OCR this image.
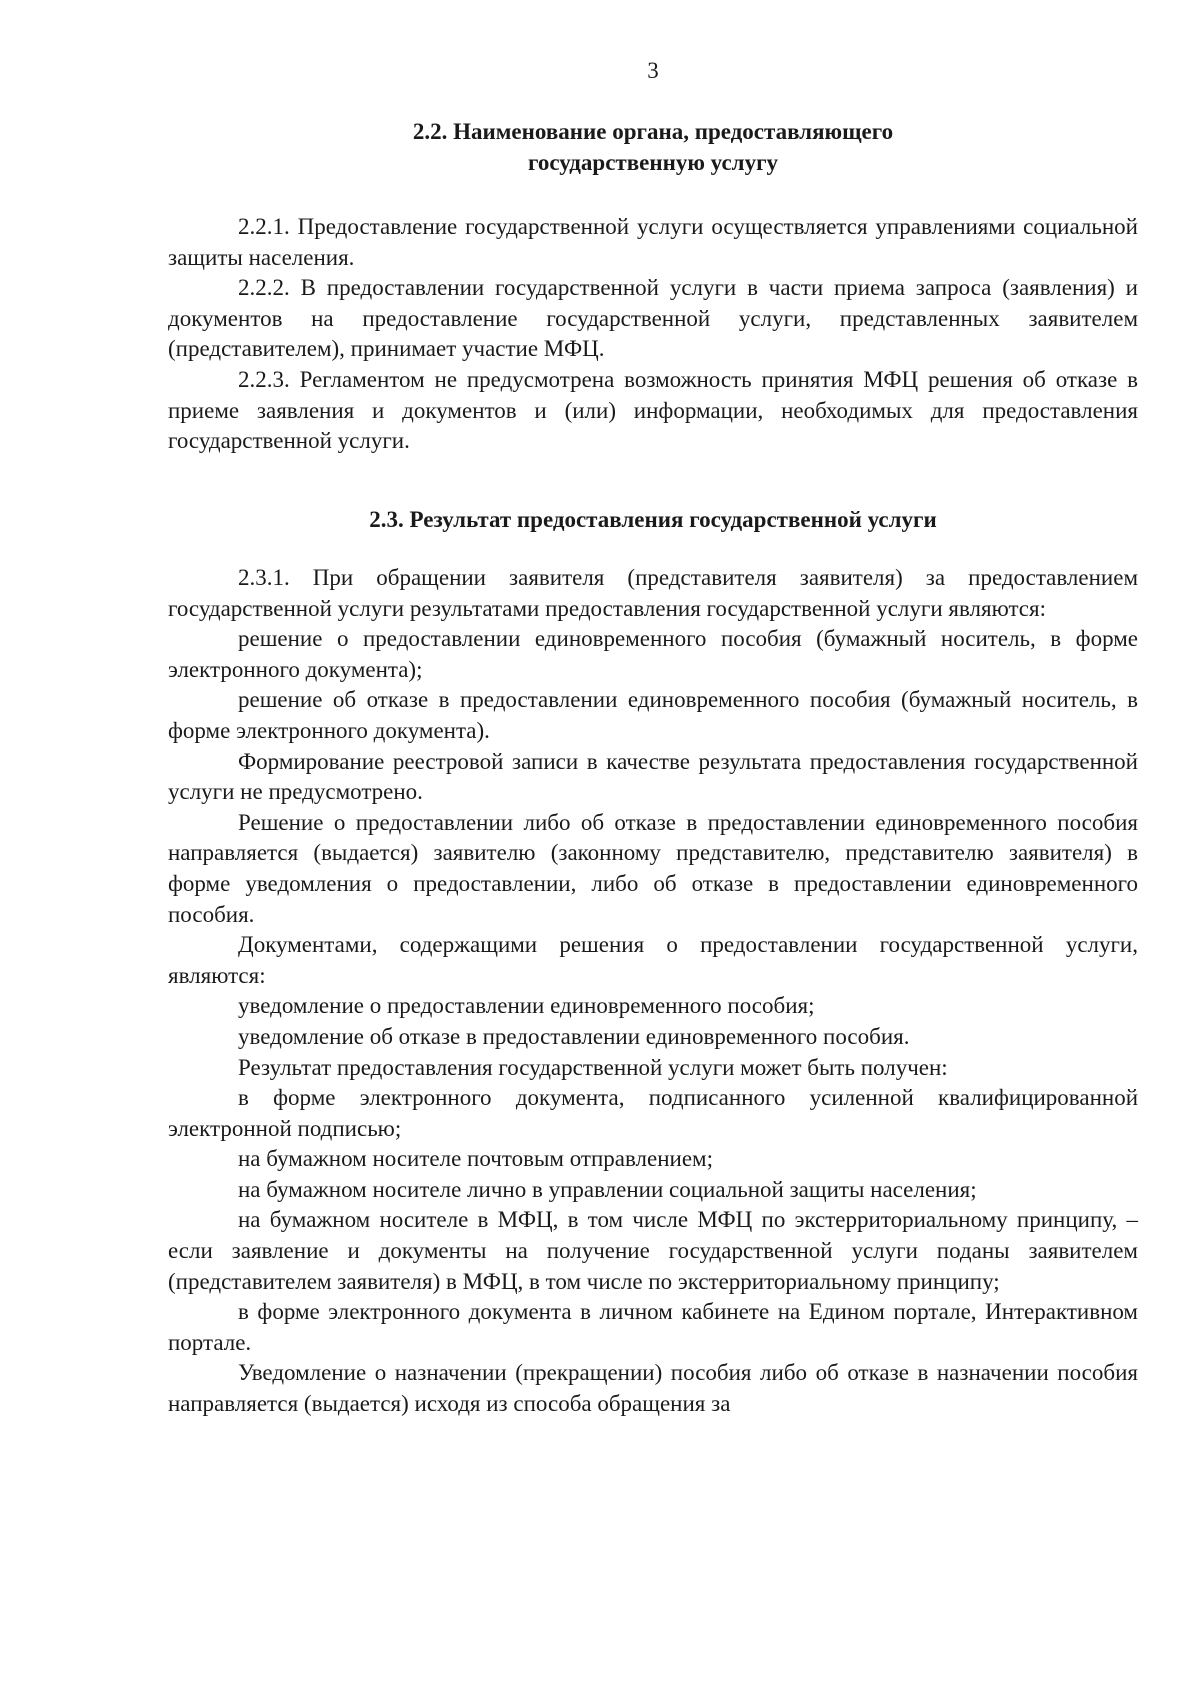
3
2.2. Наименование органа, предоставляющего
государственную услугу

2.2.1. Предоставление государственной услуги осуществляется управлениями социальной защиты населения.

2.2.2. В предоставлении государственной услуги в части приема запроса (заявления) и документов на предоставление государственной услуги, представленных заявителем (представителем), принимает участие МФЦ.

2.2.3. Регламентом не предусмотрена возможность принятия МФЦ решения об отказе в приеме заявления и документов и (или) информации, необходимых для предоставления государственной услуги.

2.3. Результат предоставления государственной услуги

2.3.1. При обращении заявителя (представителя заявителя) за предоставлением государственной услуги результатами предоставления государственной услуги являются:

решение о предоставлении единовременного пособия (бумажный носитель, в форме электронного документа);

решение об отказе в предоставлении единовременного пособия (бумажный носитель, в форме электронного документа).

Формирование реестровой записи в качестве результата предоставления государственной услуги не предусмотрено.

Решение о предоставлении либо об отказе в предоставлении единовременного пособия направляется (выдается) заявителю (законному представителю, представителю заявителя) в форме уведомления о предоставлении, либо об отказе в предоставлении единовременного пособия.

Документами, содержащими решения о предоставлении государственной услуги, являются:

уведомление о предоставлении единовременного пособия;

уведомление об отказе в предоставлении единовременного пособия.

Результат предоставления государственной услуги может быть получен:

в форме электронного документа, подписанного усиленной квалифицированной электронной подписью;

на бумажном носителе почтовым отправлением;

на бумажном носителе лично в управлении социальной защиты населения;

на бумажном носителе в МФЦ, в том числе МФЦ по экстерриториальному принципу, – если заявление и документы на получение государственной услуги поданы заявителем (представителем заявителя) в МФЦ, в том числе по экстерриториальному принципу;

в форме электронного документа в личном кабинете на Едином портале, Интерактивном портале.

Уведомление о назначении (прекращении) пособия либо об отказе в назначении пособия направляется (выдается) исходя из способа обращения за
